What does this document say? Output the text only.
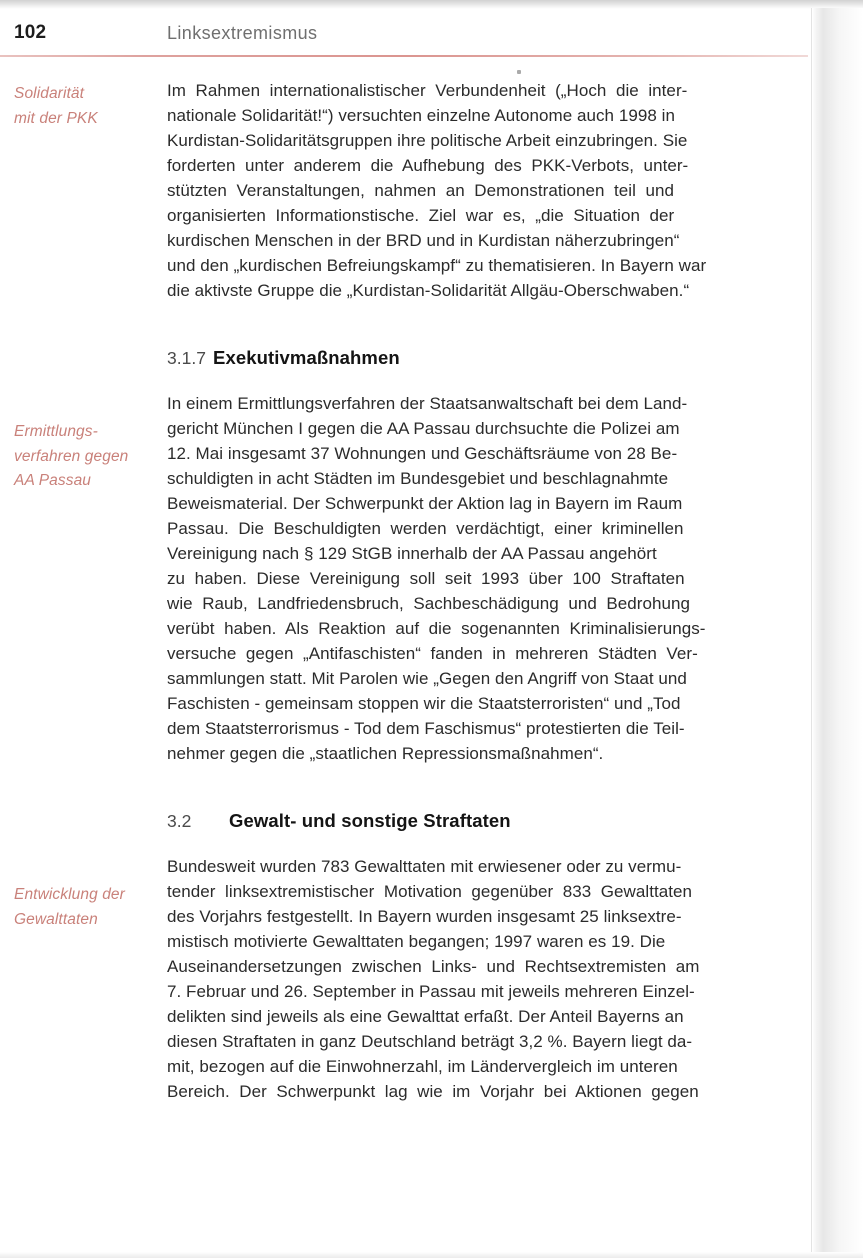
102	Linksextremismus
Solidarität
mit der PKK
Im  Rahmen  internationalistischer  Verbundenheit  („Hoch  die  inter-
nationale Solidarität!“) versuchten einzelne Autonome auch 1998 in
Kurdistan-Solidaritätsgruppen ihre politische Arbeit einzubringen. Sie
forderten  unter  anderem  die  Aufhebung  des  PKK-Verbots,  unter-
stützten  Veranstaltungen,  nahmen  an  Demonstrationen  teil  und
organisierten  Informationstische.  Ziel  war  es,  „die  Situation  der
kurdischen Menschen in der BRD und in Kurdistan näherzubringen“
und den „kurdischen Befreiungskampf“ zu thematisieren. In Bayern war
die aktivste Gruppe die „Kurdistan-Solidarität Allgäu-Oberschwaben.“
3.1.7 Exekutivmaßnahmen
Ermittlungs-
verfahren gegen
AA Passau
In einem Ermittlungsverfahren der Staatsanwaltschaft bei dem Land-
gericht München I gegen die AA Passau durchsuchte die Polizei am
12. Mai insgesamt 37 Wohnungen und Geschäftsräume von 28 Be-
schuldigten in acht Städten im Bundesgebiet und beschlagnahmte
Beweismaterial. Der Schwerpunkt der Aktion lag in Bayern im Raum
Passau.  Die  Beschuldigten  werden  verdächtigt,  einer  kriminellen
Vereinigung nach § 129 StGB innerhalb der AA Passau angehört
zu  haben.  Diese  Vereinigung  soll  seit  1993  über  100  Straftaten
wie  Raub,  Landfriedensbruch,  Sachbeschädigung  und  Bedrohung
verübt  haben.  Als  Reaktion  auf  die  sogenannten  Kriminalisierungs-
versuche  gegen  „Antifaschisten“  fanden  in  mehreren  Städten  Ver-
sammlungen statt. Mit Parolen wie „Gegen den Angriff von Staat und
Faschisten - gemeinsam stoppen wir die Staatsterroristen“ und „Tod
dem Staatsterrorismus - Tod dem Faschismus“ protestierten die Teil-
nehmer gegen die „staatlichen Repressionsmaßnahmen“.
3.2 Gewalt- und sonstige Straftaten
Entwicklung der
Gewalttaten
Bundesweit wurden 783 Gewalttaten mit erwiesener oder zu vermu-
tender  linksextremistischer  Motivation  gegenüber  833  Gewalttaten
des Vorjahrs festgestellt. In Bayern wurden insgesamt 25 linksextre-
mistisch motivierte Gewalttaten begangen; 1997 waren es 19. Die
Auseinandersetzungen  zwischen  Links-  und  Rechtsextremisten  am
7. Februar und 26. September in Passau mit jeweils mehreren Einzel-
delikten sind jeweils als eine Gewalttat erfaßt. Der Anteil Bayerns an
diesen Straftaten in ganz Deutschland beträgt 3,2 %. Bayern liegt da-
mit, bezogen auf die Einwohnerzahl, im Ländervergleich im unteren
Bereich.  Der  Schwerpunkt  lag  wie  im  Vorjahr  bei  Aktionen  gegen
